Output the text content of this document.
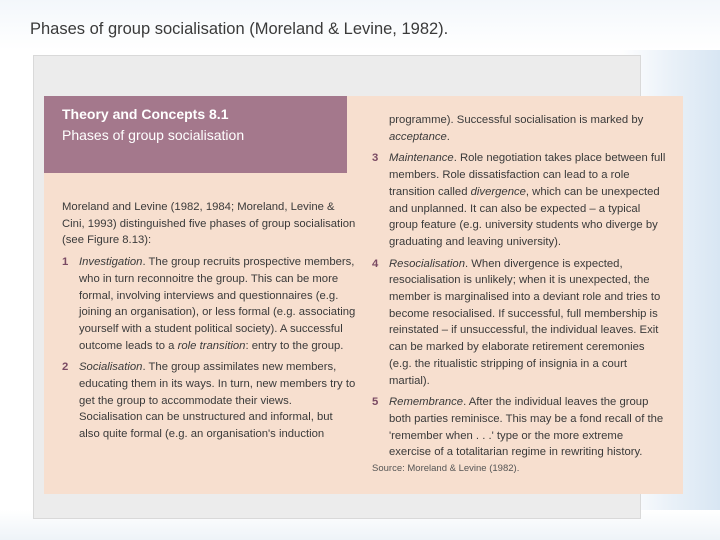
Phases of group socialisation (Moreland & Levine, 1982).
Theory and Concepts 8.1
Phases of group socialisation

Moreland and Levine (1982, 1984; Moreland, Levine & Cini, 1993) distinguished five phases of group socialisation (see Figure 8.13):

1 Investigation. The group recruits prospective members, who in turn reconnoitre the group. This can be more formal, involving interviews and questionnaires (e.g. joining an organisation), or less formal (e.g. associating yourself with a student political society). A successful outcome leads to a role transition: entry to the group.
2 Socialisation. The group assimilates new members, educating them in its ways. In turn, new members try to get the group to accommodate their views. Socialisation can be unstructured and informal, but also quite formal (e.g. an organisation's induction
programme). Successful socialisation is marked by acceptance.
3 Maintenance. Role negotiation takes place between full members. Role dissatisfaction can lead to a role transition called divergence, which can be unexpected and unplanned. It can also be expected – a typical group feature (e.g. university students who diverge by graduating and leaving university).
4 Resocialisation. When divergence is expected, resocialisation is unlikely; when it is unexpected, the member is marginalised into a deviant role and tries to become resocialised. If successful, full membership is reinstated – if unsuccessful, the individual leaves. Exit can be marked by elaborate retirement ceremonies (e.g. the ritualistic stripping of insignia in a court martial).
5 Remembrance. After the individual leaves the group both parties reminisce. This may be a fond recall of the 'remember when . . .' type or the more extreme exercise of a totalitarian regime in rewriting history.

Source: Moreland & Levine (1982).
